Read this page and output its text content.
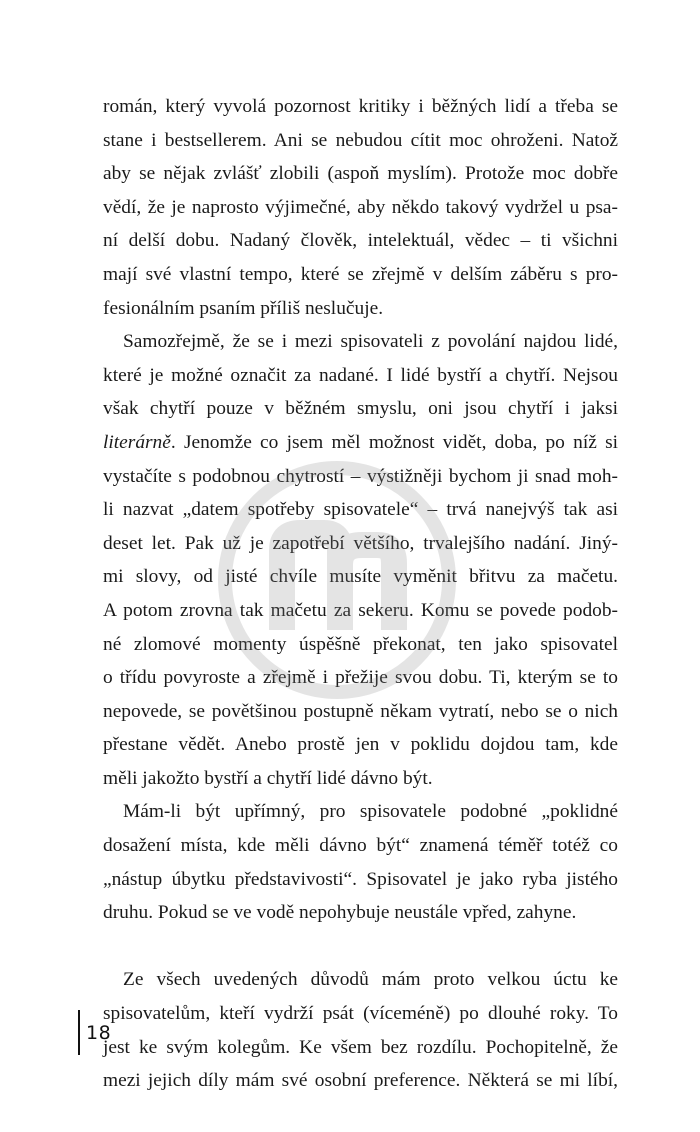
román, který vyvolá pozornost kritiky i běžných lidí a třeba se
stane i bestsellerem. Ani se nebudou cítit moc ohroženi. Natož
aby se nějak zvlášť zlobili (aspoň myslím). Protože moc dobře
vědí, že je naprosto výjimečné, aby někdo takový vydržel u psa-
ní delší dobu. Nadaný člověk, intelektuál, vědec – ti všichni
mají své vlastní tempo, které se zřejmě v delším záběru s pro-
fesionálním psaním příliš neslučuje.

Samozřejmě, že se i mezi spisovateli z povolání najdou lidé,
které je možné označit za nadané. I lidé bystří a chytří. Nejsou
však chytří pouze v běžném smyslu, oni jsou chytří i jaksi
literárně. Jenomže co jsem měl možnost vidět, doba, po níž si
vystačíte s podobnou chytrostí – výstižněji bychom ji snad moh-
li nazvat „datem spotřeby spisovatele“ – trvá nanejvýš tak asi
deset let. Pak už je zapotřebí většího, trvalejšího nadání. Jiný-
mi slovy, od jisté chvíle musíte vyměnit břitvu za mačetu.
A potom zrovna tak mačetu za sekeru. Komu se povede podob-
né zlomové momenty úspěšně překonat, ten jako spisovatel
o třídu povyroste a zřejmě i přežije svou dobu. Ti, kterým se to
nepovede, se povětšinou postupně někam vytratí, nebo se o nich
přestane vědět. Anebo prostě jen v poklidu dojdou tam, kde
měli jakožto bystří a chytří lidé dávno být.

Mám-li být upřímný, pro spisovatele podobné „poklidné
dosažení místa, kde měli dávno být“ znamená téměř totéž co
„nástup úbytku představivosti“. Spisovatel je jako ryba jistého
druhu. Pokud se ve vodě nepohybuje neustále vpřed, zahyne.

Ze všech uvedených důvodů mám proto velkou úctu ke
spisovatelům, kteří vydrží psát (víceméně) po dlouhé roky. To
jest ke svým kolegům. Ke všem bez rozdílu. Pochopitelně, že
mezi jejich díly mám své osobní preference. Některá se mi líbí,

18
